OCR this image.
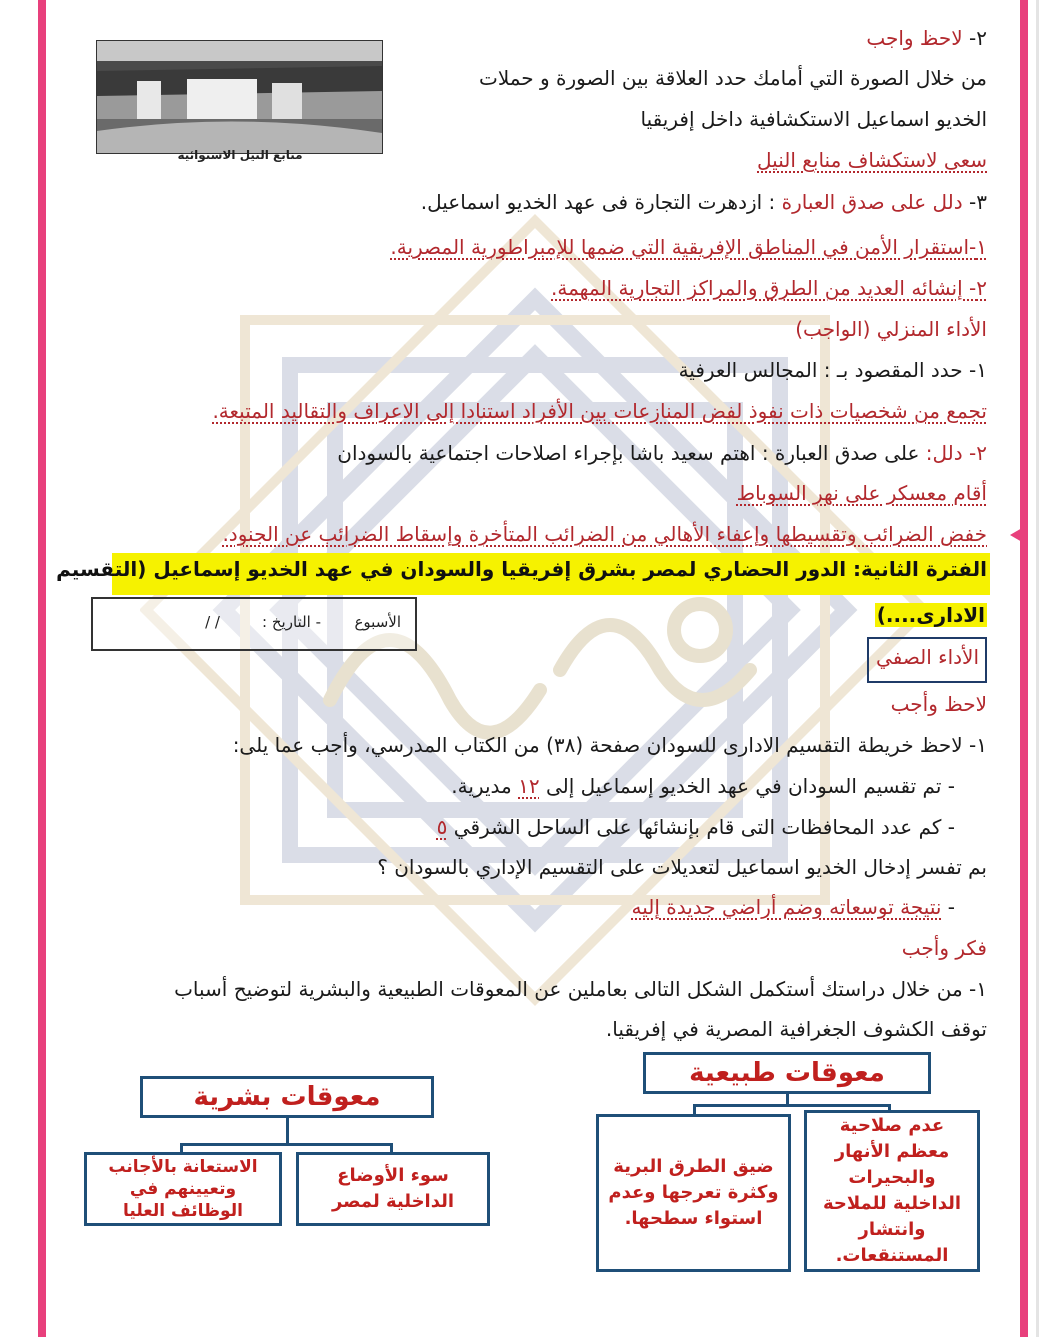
٢- لاحظ واجب
من خلال الصورة التي أمامك حدد العلاقة بين الصورة و حملات
الخديو اسماعيل الاستكشافية داخل إفريقيا
سعى لاستكشاف منابع النيل
منابع النيل الاستوائية
٣- دلل على صدق العبارة : ازدهرت التجارة فى عهد الخديو اسماعيل.
١-استقرار الأمن في المناطق الإفريقية التي ضمها للإمبراطورية المصرية.
٢- إنشائه العديد من الطرق والمراكز التجارية المهمة.
الأداء المنزلي (الواجب)
١- حدد المقصود بـ : المجالس العرفية
تجمع من شخصيات ذات نفوذ لفض المنازعات بين الأفراد استنادا إلى الاعراف والتقاليد المتبعة.
٢- دلل: على صدق العبارة : اهتم سعيد باشا بإجراء اصلاحات اجتماعية بالسودان
أقام معسكر على نهر السوباط
خفض الضرائب وتقسيطها وإعفاء الأهالي من الضرائب المتأخرة وإسقاط الضرائب عن الجنود.
الفترة الثانية: الدور الحضاري لمصر بشرق إفريقيا والسودان في عهد الخديو إسماعيل (التقسيم
الادارى....)
الأسبوع
- التاريخ :
/ /
الأداء الصفي
لاحظ وأجب
١- لاحظ خريطة التقسيم الادارى للسودان صفحة (٣٨) من الكتاب المدرسي، وأجب عما يلى:
- تم تقسيم السودان في عهد الخديو إسماعيل إلى ١٢ مديرية.
- كم عدد المحافظات التى قام بإنشائها على الساحل الشرقي ٥
بم تفسر إدخال الخديو اسماعيل لتعديلات على التقسيم الإداري بالسودان ؟
- نتيجة توسعاته وضم أراضي جديدة إليه
فكر وأجب
١- من خلال دراستك أستكمل الشكل التالى بعاملين عن المعوقات الطبيعية والبشرية لتوضيح أسباب
توقف الكشوف الجغرافية المصرية في إفريقيا.
معوقات طبيعية
عدم صلاحية معظم الأنهار والبحيرات الداخلية للملاحة وانتشار المستنقعات.
ضيق الطرق البرية وكثرة تعرجها وعدم استواء سطحها.
معوقات بشرية
سوء الأوضاع الداخلية لمصر
الاستعانة بالأجانب وتعيينهم في الوظائف العليا
